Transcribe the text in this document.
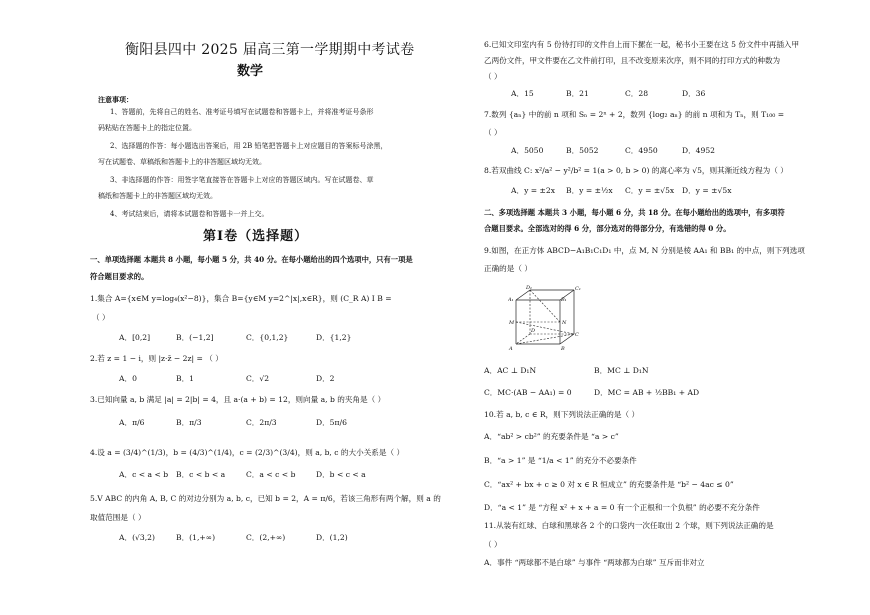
衡阳县四中 2025 届高三第一学期期中考试卷
数学
注意事项：
1、答题前，先将自己的姓名、准考证号填写在试题卷和答题卡上，并将准考证号条形
码粘贴在答题卡上的指定位置。
2、选择题的作答：每小题选出答案后，用 2B 铅笔把答题卡上对应题目的答案标号涂黑，
写在试题卷、草稿纸和答题卡上的非答题区域均无效。
3、非选择题的作答：用签字笔直接答在答题卡上对应的答题区域内。写在试题卷、草
稿纸和答题卡上的非答题区域均无效。
4、考试结束后，请将本试题卷和答题卡一并上交。
第Ⅰ卷（选择题）
一、单项选择题 本题共 8 小题，每小题 5 分，共 40 分。在每小题给出的四个选项中，只有一项是
符合题目要求的。
1.集合 A={x∈M y=log₄(x²−8)}，集合 B={y∈M y=2^|x|,x∈R}，则 (C_R A) I B =
（ ）
A．[0,2]	B．(−1,2]	C．{0,1,2}	D．{1,2}
2.若 z = 1 − i，则 |z·z̄ − 2z| = （ ）
A．0	B．1	C．√2	D．2
3.已知向量 a, b 满足 |a| = 2|b| = 4，且 a·(a + b) = 12，则向量 a, b 的夹角是（ ）
A．π/6	B．π/3	C．2π/3	D．5π/6
4.设 a = (3/4)^(1/3)，b = (4/3)^(1/4)，c = (2/3)^(3/4)，则 a, b, c 的大小关系是（ ）
A．c < a < b B．c < b < a	C．a < c < b	D．b < c < a
5.V ABC 的内角 A, B, C 的对边分别为 a, b, c，已知 b = 2，A = π/6，若该三角形有两个解，则 a 的
取值范围是（ ）
A．(√3,2)	B．(1,+∞)	C．(2,+∞)	D．(1,2)
6.已知文印室内有 5 份待打印的文件自上而下摞在一起，秘书小王要在这 5 份文件中再插入甲
乙两份文件，甲文件要在乙文件前打印，且不改变原来次序，则不同的打印方式的种数为
（ ）
A．15	B．21	C．28	D．36
7.数列 {aₙ} 中的前 n 项和 Sₙ = 2ⁿ + 2，数列 {log₂ aₙ} 的前 n 项和为 Tₙ，则 T₁₀₀ =
（ ）
A．5050	B．5052	C．4950	D．4952
8.若双曲线 C: x²/a² − y²/b² = 1(a > 0, b > 0) 的离心率为 √5，则其渐近线方程为（ ）
A．y = ±2x B．y = ±½x C．y = ±√5x D．y = ±√5x
二、多项选择题 本题共 3 小题，每小题 6 分，共 18 分。在每小题给出的选项中，有多项符
合题目要求。全部选对的得 6 分，部分选对的得部分分，有选错的得 0 分。
9.如图，在正方体 ABCD−A₁B₁C₁D₁ 中，点 M, N 分别是棱 AA₁ 和 BB₁ 的中点，则下列选项
正确的是（ ）
D₁	C₁
A₁	B₁
M	N
D
C
A	B
A．AC ⊥ D₁N	B．MC ⊥ D₁N
C．MC·(AB − AA₁) = 0	D．MC = AB + ½BB₁ + AD
10.若 a, b, c ∈ R，则下列说法正确的是（ ）
A．“ab² > cb²” 的充要条件是 “a > c”
B．“a > 1” 是 “1/a < 1” 的充分不必要条件
C．“ax² + bx + c ≥ 0 对 x ∈ R 恒成立” 的充要条件是 “b² − 4ac ≤ 0”
D．“a < 1” 是 “方程 x² + x + a = 0 有一个正根和一个负根” 的必要不充分条件
11.从装有红球、白球和黑球各 2 个的口袋内一次任取出 2 个球，则下列说法正确的是
（ ）
A．事件 “两球都不是白球” 与事件 “两球都为白球” 互斥而非对立
